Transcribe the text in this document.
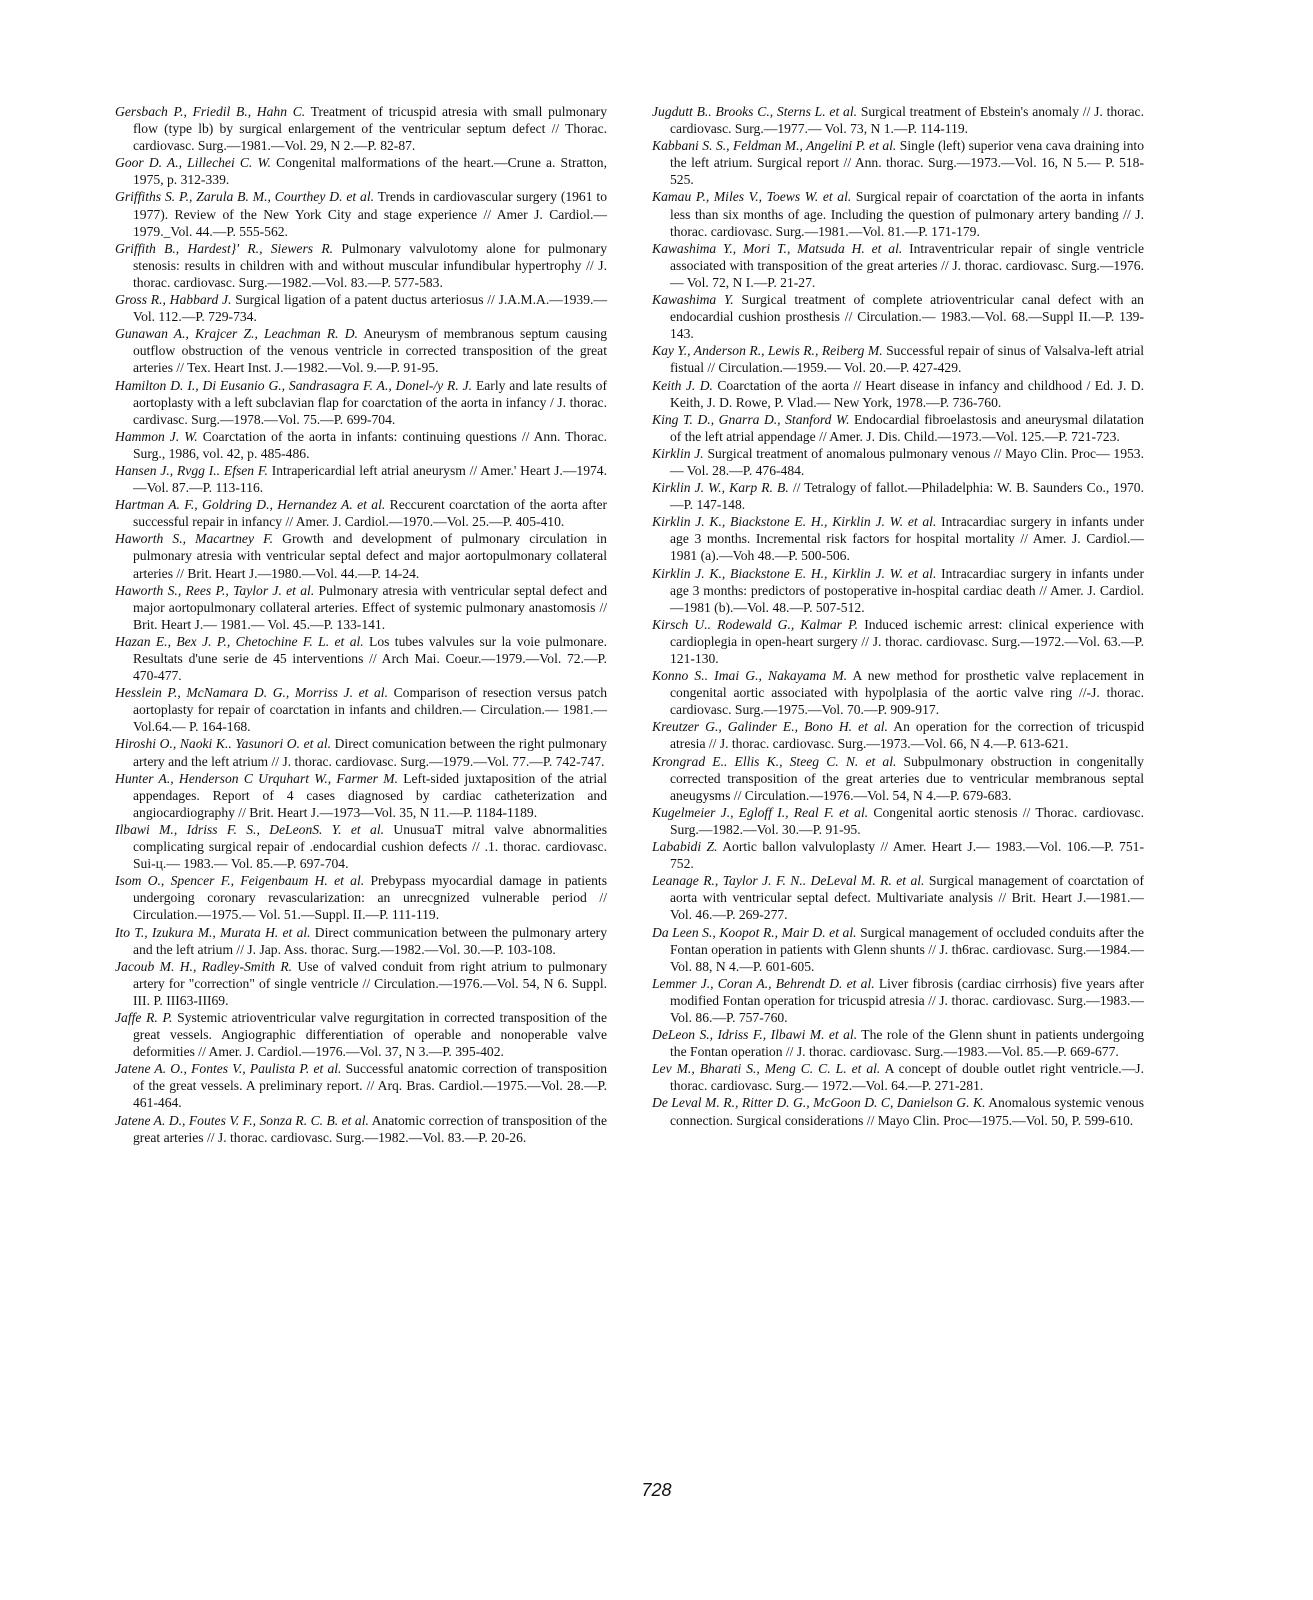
Gersbach P., Friedil B., Hahn C. Treatment of tricuspid atresia with small pulmonary flow (type lb) by surgical enlargement of the ventricular septum defect // Thorac. cardiovasc. Surg.—1981.—Vol. 29, N 2.—P. 82-87.

Goor D. A., Lillechei C. W. Congenital malformations of the heart.—Crune a. Stratton, 1975, p. 312-339.

Griffiths S. P., Zarula B. M., Courthey D. et al. Trends in cardiovascular surgery (1961 to 1977). Review of the New York City and stage experience // Amer J. Cardiol.—1979._Vol. 44.—P. 555-562.

Griffith B., Hardest}' R., Siewers R. Pulmonary valvulotomy alone for pulmonary stenosis: results in children with and without muscular infundibular hypertrophy // J. thorac. cardiovasc. Surg.—1982.—Vol. 83.—P. 577-583.

Gross R., Habbard J. Surgical ligation of a patent ductus arteriosus // J.A.M.A.—1939.—Vol. 112.—P. 729-734.

Gunawan A., Krajcer Z., Leachman R. D. Aneurysm of membranous septum causing outflow obstruction of the venous ventricle in corrected transposition of the great arteries // Tex. Heart Inst. J.—1982.—Vol. 9.—P. 91-95.

Hamilton D. I., Di Eusanio G., Sandrasagra F. A., Donel-/y R. J. Early and late results of aortoplasty with a left subclavian flap for coarctation of the aorta in infancy / J. thorac. cardivasc. Surg.—1978.—Vol. 75.—P. 699-704.

Hammon J. W. Coarctation of the aorta in infants: continuing questions // Ann. Thorac. Surg., 1986, vol. 42, p. 485-486.

Hansen J., Rvgg I.. Efsen F. Intrapericardial left atrial aneurysm // Amer.' Heart J.—1974.—Vol. 87.—P. 113-116.

Hartman A. F., Goldring D., Hernandez A. et al. Reccurent coarctation of the aorta after successful repair in infancy // Amer. J. Cardiol.—1970.—Vol. 25.—P. 405-410.

Haworth S., Macartney F. Growth and development of pulmonary circulation in pulmonary atresia with ventricular septal defect and major aortopulmonary collateral arteries // Brit. Heart J.—1980.—Vol. 44.—P. 14-24.

Haworth S., Rees P., Taylor J. et al. Pulmonary atresia with ventricular septal defect and major aortopulmonary collateral arteries. Effect of systemic pulmonary anastomosis // Brit. Heart J.— 1981.— Vol. 45.—P. 133-141.

Hazan E., Bex J. P., Chetochine F. L. et al. Los tubes valvules sur la voie pulmonare. Resultats d'une serie de 45 interventions // Arch Mai. Coeur.—1979.—Vol. 72.—P. 470-477.

Hesslein P., McNamara D. G., Morriss J. et al. Comparison of resection versus patch aortoplasty for repair of coarctation in infants and children.— Circulation.— 1981.— Vol.64.— P. 164-168.

Hiroshi O., Naoki K.. Yasunori O. et al. Direct comunication between the right pulmonary artery and the left atrium // J. thorac. cardiovasc. Surg.—1979.—Vol. 77.—P. 742-747.

Hunter A., Henderson C Urquhart W., Farmer M. Left-sided juxtaposition of the atrial appendages. Report of 4 cases diagnosed by cardiac catheterization and angiocardiography // Brit. Heart J.—1973—Vol. 35, N 11.—P. 1184-1189.

Ilbawi M., Idriss F. S., DeLeonS. Y. et al. UnusuaT mitral valve abnormalities complicating surgical repair of .endocardial cushion defects // .1. thorac. cardiovasc. Sui-ц.— 1983.— Vol. 85.—P. 697-704.

Isom O., Spencer F., Feigenbaum H. et al. Prebypass myocardial damage in patients undergoing coronary revascularization: an unrecgnized vulnerable period // Circulation.—1975.— Vol. 51.—Suppl. II.—P. 111-119.

Ito T., Izukura M., Murata H. et al. Direct communication between the pulmonary artery and the left atrium // J. Jap. Ass. thorac. Surg.—1982.—Vol. 30.—P. 103-108.

Jacoub M. H., Radley-Smith R. Use of valved conduit from right atrium to pulmonary artery for "correction" of single ventricle // Circulation.—1976.—Vol. 54, N 6. Suppl. III. P. III63-III69.

Jaffe R. P. Systemic atrioventricular valve regurgitation in corrected transposition of the great vessels. Angiographic differentiation of operable and nonoperable valve deformities // Amer. J. Cardiol.—1976.—Vol. 37, N 3.—P. 395-402.

Jatene A. O., Fontes V., Paulista P. et al. Successful anatomic correction of transposition of the great vessels. A preliminary report. // Arq. Bras. Cardiol.—1975.—Vol. 28.—P. 461-464.

Jatene A. D., Foutes V. F., Sonza R. C. B. et al. Anatomic correction of transposition of the great arteries // J. thorac. cardiovasc. Surg.—1982.—Vol. 83.—P. 20-26.

Jugdutt B.. Brooks C., Sterns L. et al. Surgical treatment of Ebstein's anomaly // J. thorac. cardiovasc. Surg.—1977.— Vol. 73, N 1.—P. 114-119.

Kabbani S. S., Feldman M., Angelini P. et al. Single (left) superior vena cava draining into the left atrium. Surgical report // Ann. thorac. Surg.—1973.—Vol. 16, N 5.— P. 518-525.

Kamau P., Miles V., Toews W. et al. Surgical repair of coarctation of the aorta in infants less than six months of age. Including the question of pulmonary artery banding // J. thorac. cardiovasc. Surg.—1981.—Vol. 81.—P. 171-179.

Kawashima Y., Mori T., Matsuda H. et al. Intraventricular repair of single ventricle associated with transposition of the great arteries // J. thorac. cardiovasc. Surg.—1976.— Vol. 72, N I.—P. 21-27.

Kawashima Y. Surgical treatment of complete atrioventricular canal defect with an endocardial cushion prosthesis // Circulation.— 1983.—Vol. 68.—Suppl II.—P. 139-143.

Kay Y., Anderson R., Lewis R., Reiberg M. Successful repair of sinus of Valsalva-left atrial fistual // Circulation.—1959.— Vol. 20.—P. 427-429.

Keith J. D. Coarctation of the aorta // Heart disease in infancy and childhood / Ed. J. D. Keith, J. D. Rowe, P. Vlad.— New York, 1978.—P. 736-760.

King T. D., Gnarra D., Stanford W. Endocardial fibroelastosis and aneurysmal dilatation of the left atrial appendage // Amer. J. Dis. Child.—1973.—Vol. 125.—P. 721-723.

Kirklin J. Surgical treatment of anomalous pulmonary venous // Mayo Clin. Proc— 1953.— Vol. 28.—P. 476-484.

Kirklin J. W., Karp R. B. // Tetralogy of fallot.—Philadelphia: W. B. Saunders Co., 1970.—P. 147-148.

Kirklin J. K., Biackstone E. H., Kirklin J. W. et al. Intracardiac surgery in infants under age 3 months. Incremental risk factors for hospital mortality // Amer. J. Cardiol.—1981 (a).—Voh 48.—P. 500-506.

Kirklin J. K., Biackstone E. H., Kirklin J. W. et al. Intracardiac surgery in infants under age 3 months: predictors of postoperative in-hospital cardiac death // Amer. J. Cardiol.—1981 (b).—Vol. 48.—P. 507-512.

Kirsch U.. Rodewald G., Kalmar P. Induced ischemic arrest: clinical experience with cardioplegia in open-heart surgery // J. thorac. cardiovasc. Surg.—1972.—Vol. 63.—P. 121-130.

Konno S.. Imai G., Nakayama M. A new method for prosthetic valve replacement in congenital aortic associated with hypolplasia of the aortic valve ring //-J. thorac. cardiovasc. Surg.—1975.—Vol. 70.—P. 909-917.

Kreutzer G., Galinder E., Bono H. et al. An operation for the correction of tricuspid atresia // J. thorac. cardiovasc. Surg.—1973.—Vol. 66, N 4.—P. 613-621.

Krongrad E.. Ellis K., Steeg C. N. et al. Subpulmonary obstruction in congenitally corrected transposition of the great arteries due to ventricular membranous septal aneugysms // Circulation.—1976.—Vol. 54, N 4.—P. 679-683.

Kugelmeier J., Egloff I., Real F. et al. Congenital aortic stenosis // Thorac. cardiovasc. Surg.—1982.—Vol. 30.—P. 91-95.

Lababidi Z. Aortic ballon valvuloplasty // Amer. Heart J.— 1983.—Vol. 106.—P. 751-752.

Leanage R., Taylor J. F. N.. DeLeval M. R. et al. Surgical management of coarctation of aorta with ventricular septal defect. Multivariate analysis // Brit. Heart J.—1981.— Vol. 46.—P. 269-277.

Da Leen S., Koopot R., Mair D. et al. Surgical management of occluded conduits after the Fontan operation in patients with Glenn shunts // J. th6rac. cardiovasc. Surg.—1984.— Vol. 88, N 4.—P. 601-605.

Lemmer J., Coran A., Behrendt D. et al. Liver fibrosis (cardiac cirrhosis) five years after modified Fontan operation for tricuspid atresia // J. thorac. cardiovasc. Surg.—1983.— Vol. 86.—P. 757-760.

DeLeon S., Idriss F., Ilbawi M. et al. The role of the Glenn shunt in patients undergoing the Fontan operation // J. thorac. cardiovasc. Surg.—1983.—Vol. 85.—P. 669-677.

Lev M., Bharati S., Meng C. C. L. et al. A concept of double outlet right ventricle.—J. thorac. cardiovasc. Surg.— 1972.—Vol. 64.—P. 271-281.

De Leval M. R., Ritter D. G., McGoon D. C, Danielson G. K. Anomalous systemic venous connection. Surgical considerations // Mayo Clin. Proc—1975.—Vol. 50, P. 599-610.

728
